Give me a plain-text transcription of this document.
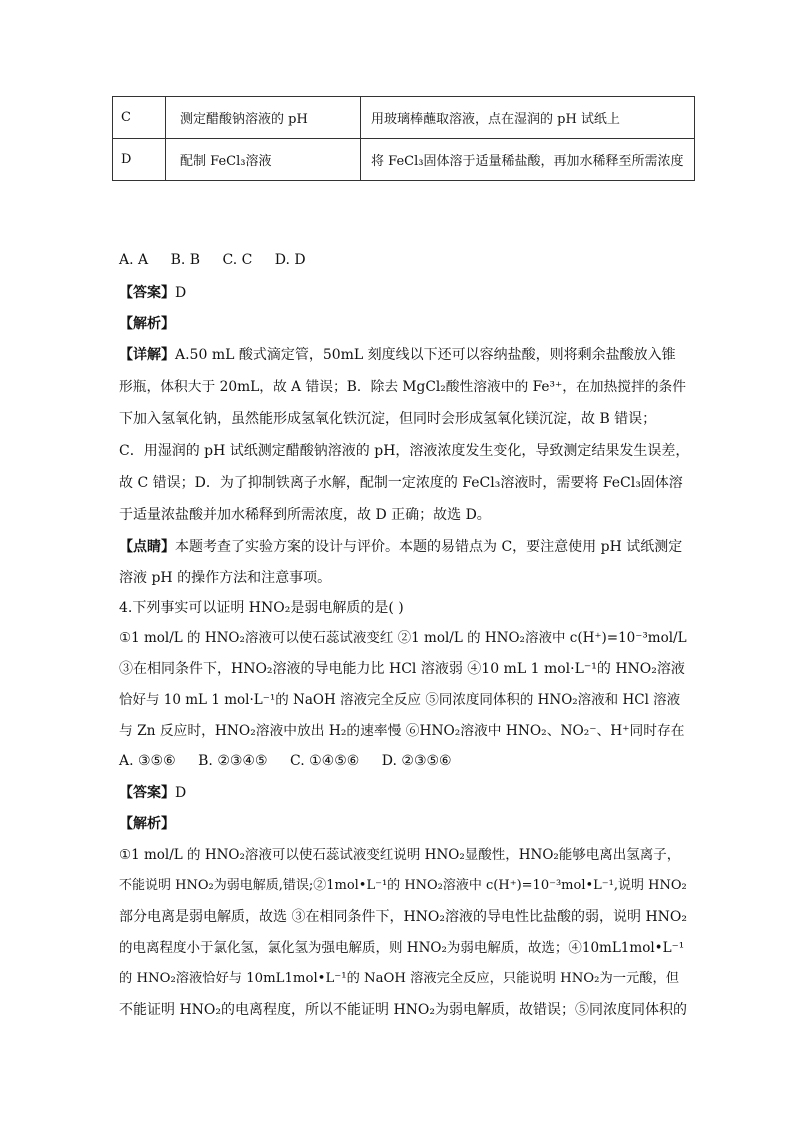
C	测定醋酸钠溶液的 pH	用玻璃棒蘸取溶液，点在湿润的 pH 试纸上
D	配制 FeCl₃溶液	将 FeCl₃固体溶于适量稀盐酸，再加水稀释至所需浓度
A. A B. B C. C D. D
【答案】D
【解析】
【详解】A.50 mL 酸式滴定管，50mL 刻度线以下还可以容纳盐酸，则将剩余盐酸放入锥
形瓶，体积大于 20mL，故 A 错误；B．除去 MgCl₂酸性溶液中的 Fe³⁺，在加热搅拌的条件
下加入氢氧化钠，虽然能形成氢氧化铁沉淀，但同时会形成氢氧化镁沉淀，故 B 错误；
C．用湿润的 pH 试纸测定醋酸钠溶液的 pH，溶液浓度发生变化，导致测定结果发生误差，
故 C 错误；D．为了抑制铁离子水解，配制一定浓度的 FeCl₃溶液时，需要将 FeCl₃固体溶
于适量浓盐酸并加水稀释到所需浓度，故 D 正确；故选 D。
【点睛】本题考查了实验方案的设计与评价。本题的易错点为 C，要注意使用 pH 试纸测定
溶液 pH 的操作方法和注意事项。
4.下列事实可以证明 HNO₂是弱电解质的是( )
①1 mol/L 的 HNO₂溶液可以使石蕊试液变红 ②1 mol/L 的 HNO₂溶液中 c(H⁺)=10⁻³mol/L
③在相同条件下，HNO₂溶液的导电能力比 HCl 溶液弱 ④10 mL 1 mol·L⁻¹的 HNO₂溶液
恰好与 10 mL 1 mol·L⁻¹的 NaOH 溶液完全反应 ⑤同浓度同体积的 HNO₂溶液和 HCl 溶液
与 Zn 反应时，HNO₂溶液中放出 H₂的速率慢 ⑥HNO₂溶液中 HNO₂、NO₂⁻、H⁺同时存在
A. ③⑤⑥ B. ②③④⑤ C. ①④⑤⑥ D. ②③⑤⑥
【答案】D
【解析】
①1 mol/L 的 HNO₂溶液可以使石蕊试液变红说明 HNO₂显酸性，HNO₂能够电离出氢离子，
不能说明 HNO₂为弱电解质,错误;②1mol•L⁻¹的 HNO₂溶液中 c(H⁺)=10⁻³mol•L⁻¹,说明 HNO₂
部分电离是弱电解质，故选 ③在相同条件下，HNO₂溶液的导电性比盐酸的弱，说明 HNO₂
的电离程度小于氯化氢，氯化氢为强电解质，则 HNO₂为弱电解质，故选；④10mL1mol•L⁻¹
的 HNO₂溶液恰好与 10mL1mol•L⁻¹的 NaOH 溶液完全反应，只能说明 HNO₂为一元酸，但
不能证明 HNO₂的电离程度，所以不能证明 HNO₂为弱电解质，故错误；⑤同浓度同体积的
